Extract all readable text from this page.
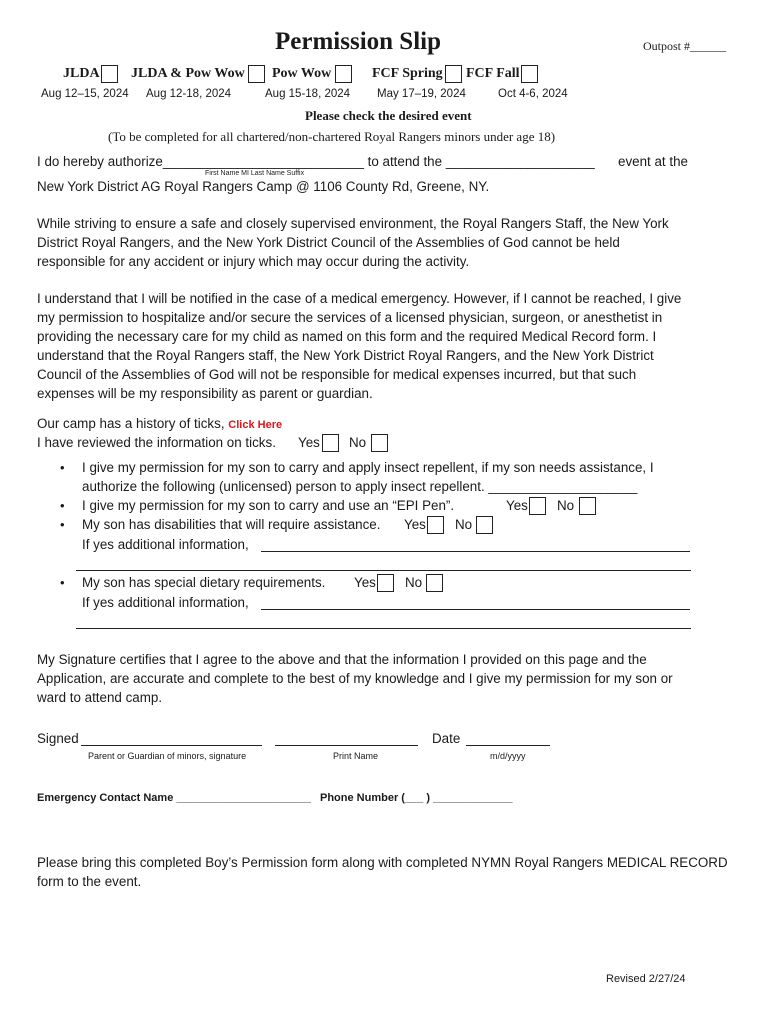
Permission Slip	Outpost #______
JLDA JLDA & Pow Wow Pow Wow	FCF Spring FCF Fall
Aug 12–15, 2024 Aug 12-18, 2024	Aug 15-18, 2024 May 17–19, 2024	Oct 4-6, 2024
Please check the desired event
(To be completed for all chartered/non-chartered Royal Rangers minors under age 18)
I do hereby authorize___________________________ to attend the ____________________ event at the
First Name MI Last Name Suffix
New York District AG Royal Rangers Camp @ 1106 County Rd, Greene, NY.
While striving to ensure a safe and closely supervised environment, the Royal Rangers Staff, the New York
District Royal Rangers, and the New York District Council of the Assemblies of God cannot be held
responsible for any accident or injury which may occur during the activity.
I understand that I will be notified in the case of a medical emergency. However, if I cannot be reached, I give
my permission to hospitalize and/or secure the services of a licensed physician, surgeon, or anesthetist in
providing the necessary care for my child as named on this form and the required Medical Record form. I
understand that the Royal Rangers staff, the New York District Royal Rangers, and the New York District
Council of the Assemblies of God will not be responsible for medical expenses incurred, but that such
expenses will be my responsibility as parent or guardian.
Our camp has a history of ticks, Click Here
I have reviewed the information on ticks. Yes No
• I give my permission for my son to carry and apply insect repellent, if my son needs assistance, I
authorize the following (unlicensed) person to apply insect repellent. ____________________
• I give my permission for my son to carry and use an “EPI Pen”.	Yes No
• My son has disabilities that will require assistance. Yes No
If yes additional information,
• My son has special dietary requirements. Yes No
If yes additional information,
My Signature certifies that I agree to the above and that the information I provided on this page and the
Application, are accurate and complete to the best of my knowledge and I give my permission for my son or
ward to attend camp.
Signed	Date
Parent or Guardian of minors, signature	Print Name	m/d/yyyy
Emergency Contact Name ______________________ Phone Number (___ ) _____________
Please bring this completed Boy’s Permission form along with completed NYMN Royal Rangers MEDICAL RECORD
form to the event.
Revised 2/27/24
